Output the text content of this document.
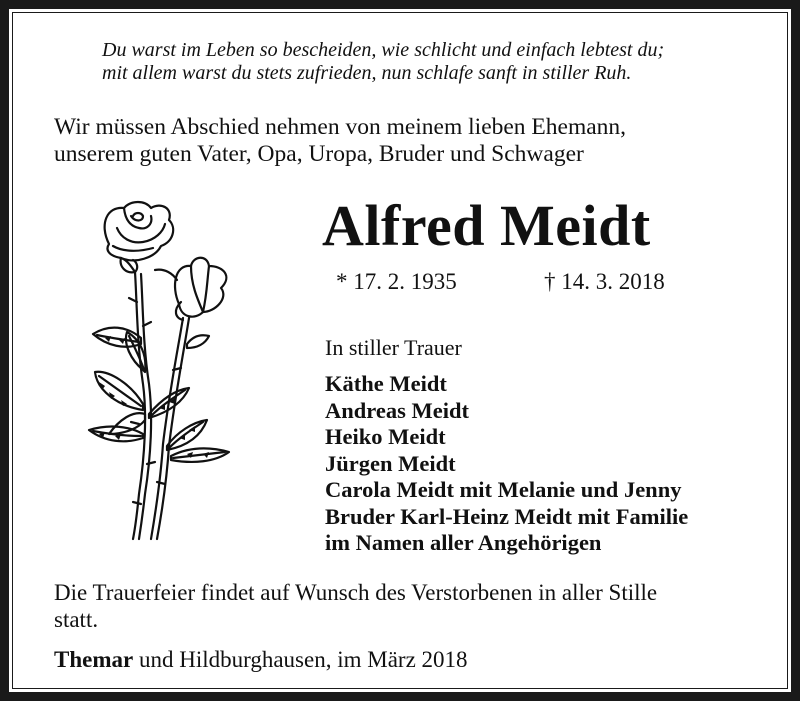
Du warst im Leben so bescheiden, wie schlicht und einfach lebtest du;
mit allem warst du stets zufrieden, nun schlafe sanft in stiller Ruh.
Wir müssen Abschied nehmen von meinem lieben Ehemann,
unserem guten Vater, Opa, Uropa, Bruder und Schwager
Alfred Meidt
* 17. 2. 1935	† 14. 3. 2018
In stiller Trauer
Käthe Meidt
Andreas Meidt
Heiko Meidt
Jürgen Meidt
Carola Meidt mit Melanie und Jenny
Bruder Karl-Heinz Meidt mit Familie
im Namen aller Angehörigen
Die Trauerfeier findet auf Wunsch des Verstorbenen in aller Stille
statt.
Themar und Hildburghausen, im März 2018
